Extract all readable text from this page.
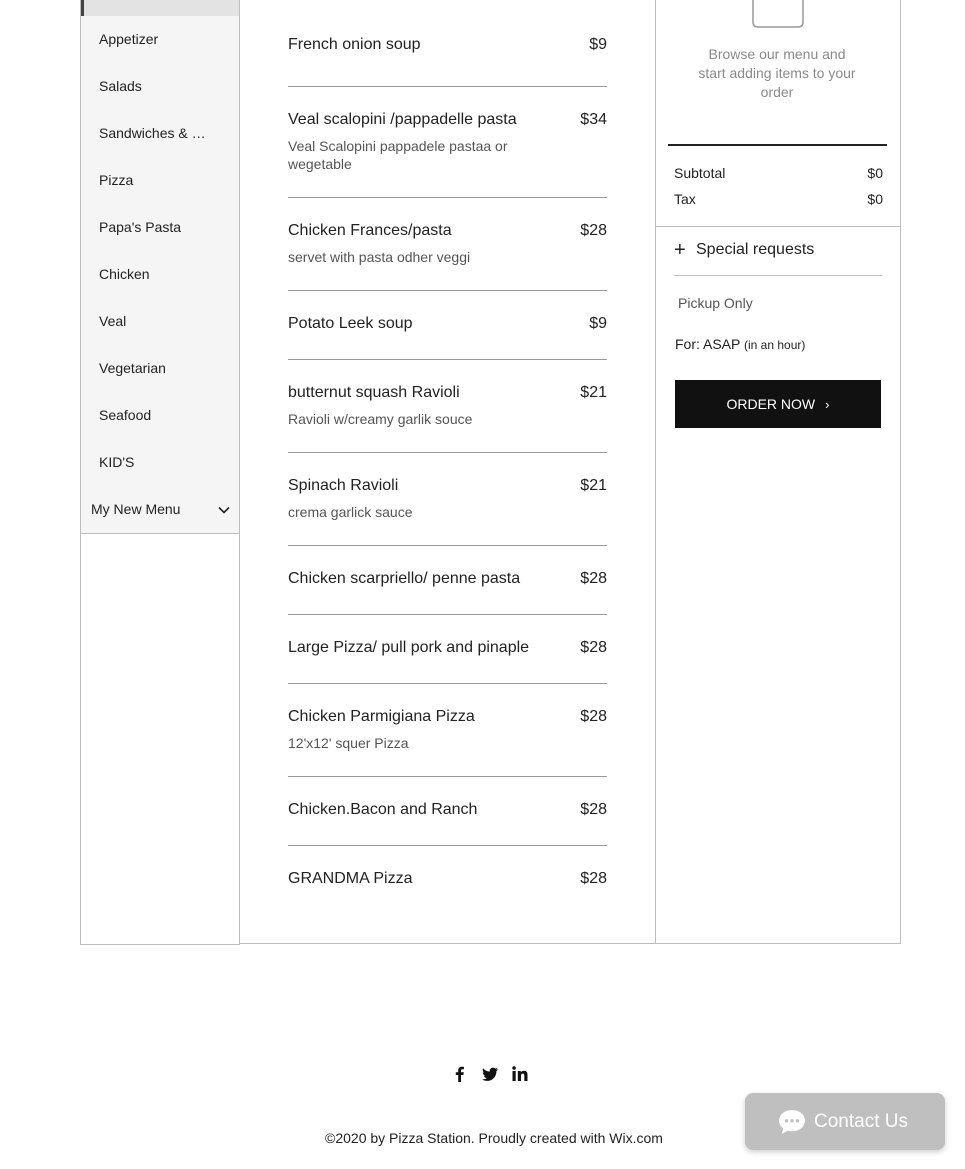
Appetizer
Salads
Sandwiches & …
Pizza
Papa's Pasta
Chicken
Veal
Vegetarian
Seafood
KID'S
My New Menu
French onion soup	$9
Veal scalopini /pappadelle pasta	$34
Veal Scalopini pappadele pastaa or wegetable
Chicken Frances/pasta	$28
servet with pasta odher veggi
Potato Leek soup	$9
butternut squash Ravioli	$21
Ravioli w/creamy garlik souce
Spinach Ravioli	$21
crema garlick sauce
Chicken scarpriello/ penne pasta	$28
Large Pizza/ pull pork and pinaple	$28
Chicken Parmigiana Pizza	$28
12'x12' squer Pizza
Chicken.Bacon and Ranch	$28
GRANDMA Pizza	$28
Browse our menu and start adding items to your order
Subtotal	$0
Tax	$0
+ Special requests
Pickup Only
For: ASAP (in an hour)
ORDER NOW ›
©2020 by Pizza Station. Proudly created with Wix.com
Contact Us
